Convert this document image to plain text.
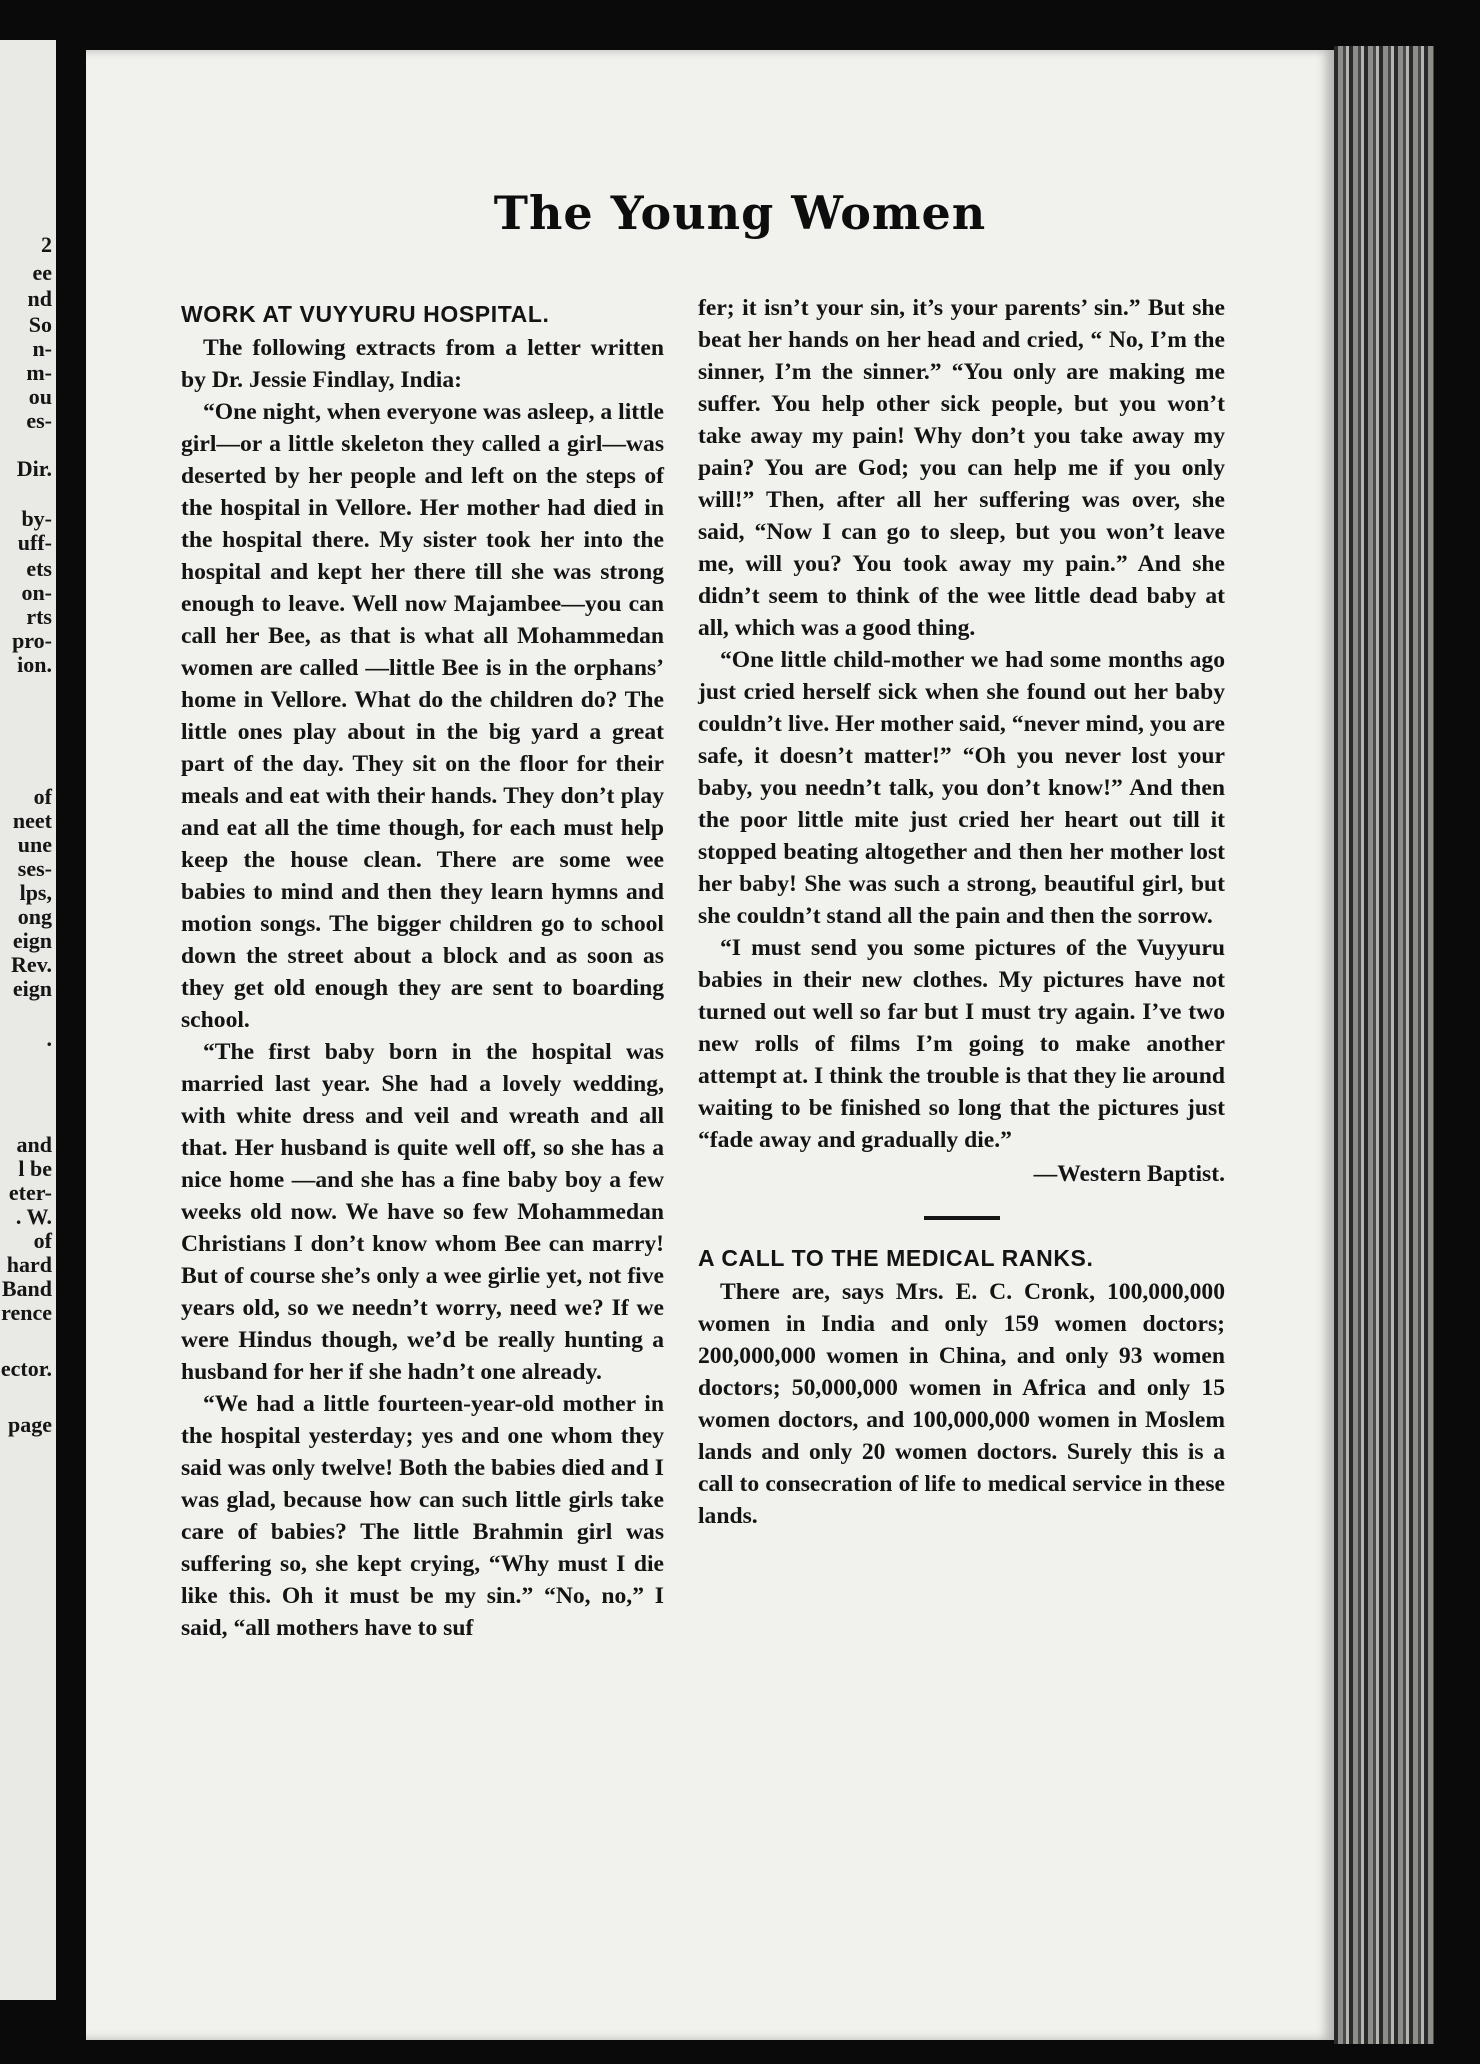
2
ee
nd
So
n-
m-
ou
es-
Dir.
by-
uff-
ets
on-
rts
pro-
ion.
of
neet
une
ses-
lps,
ong
eign
Rev.
eign
.
and
l be
eter-
. W.
of
hard
Band
rence
ector.
page
The Young Women
WORK AT VUYYURU HOSPITAL.

The following extracts from a letter written by Dr. Jessie Findlay, India:

“One night, when everyone was asleep, a little girl—or a little skeleton they called a girl—was deserted by her people and left on the steps of the hospital in Vellore. Her mother had died in the hospital there. My sister took her into the hospital and kept her there till she was strong enough to leave. Well now Majambee—you can call her Bee, as that is what all Mohammedan women are called —little Bee is in the orphans’ home in Vellore. What do the children do? The little ones play about in the big yard a great part of the day. They sit on the floor for their meals and eat with their hands. They don’t play and eat all the time though, for each must help keep the house clean. There are some wee babies to mind and then they learn hymns and motion songs. The bigger children go to school down the street about a block and as soon as they get old enough they are sent to boarding school.

“The first baby born in the hospital was married last year. She had a lovely wedding, with white dress and veil and wreath and all that. Her husband is quite well off, so she has a nice home —and she has a fine baby boy a few weeks old now. We have so few Mohammedan Christians I don’t know whom Bee can marry! But of course she’s only a wee girlie yet, not five years old, so we needn’t worry, need we? If we were Hindus though, we’d be really hunting a husband for her if she hadn’t one already.

“We had a little fourteen-year-old mother in the hospital yesterday; yes and one whom they said was only twelve! Both the babies died and I was glad, because how can such little girls take care of babies? The little Brahmin girl was suffering so, she kept crying, “Why must I die like this. Oh it must be my sin.” “No, no,” I said, “all mothers have to suf

fer; it isn’t your sin, it’s your parents’ sin.” But she beat her hands on her head and cried, “ No, I’m the sinner, I’m the sinner.” “You only are making me suffer. You help other sick people, but you won’t take away my pain! Why don’t you take away my pain? You are God; you can help me if you only will!” Then, after all her suffering was over, she said, “Now I can go to sleep, but you won’t leave me, will you? You took away my pain.” And she didn’t seem to think of the wee little dead baby at all, which was a good thing.

“One little child-mother we had some months ago just cried herself sick when she found out her baby couldn’t live. Her mother said, “never mind, you are safe, it doesn’t matter!” “Oh you never lost your baby, you needn’t talk, you don’t know!” And then the poor little mite just cried her heart out till it stopped beating altogether and then her mother lost her baby! She was such a strong, beautiful girl, but she couldn’t stand all the pain and then the sorrow.

“I must send you some pictures of the Vuyyuru babies in their new clothes. My pictures have not turned out well so far but I must try again. I’ve two new rolls of films I’m going to make another attempt at. I think the trouble is that they lie around waiting to be finished so long that the pictures just “fade away and gradually die.”

—Western Baptist.
A CALL TO THE MEDICAL RANKS.

There are, says Mrs. E. C. Cronk, 100,000,000 women in India and only 159 women doctors; 200,000,000 women in China, and only 93 women doctors; 50,000,000 women in Africa and only 15 women doctors, and 100,000,000 women in Moslem lands and only 20 women doctors. Surely this is a call to consecration of life to medical service in these lands.
